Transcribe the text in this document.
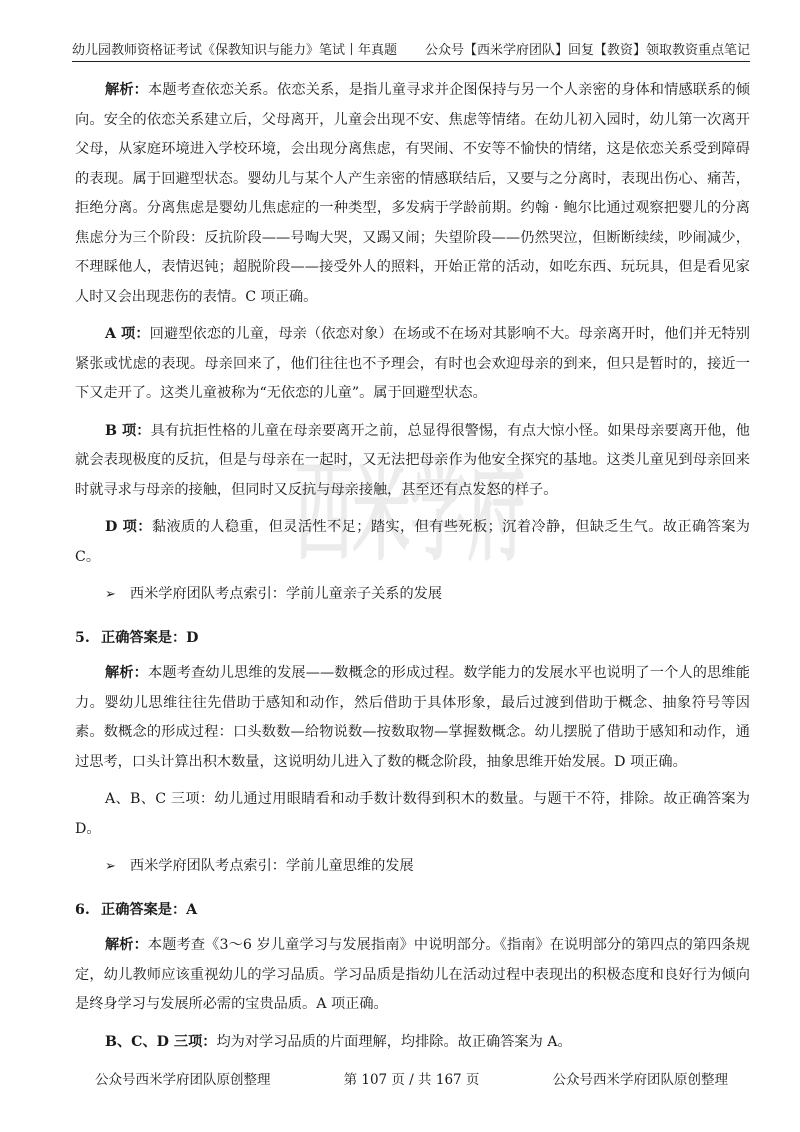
幼儿园教师资格证考试《保教知识与能力》笔试丨年真题 公众号【西米学府团队】回复【教资】领取教资重点笔记
西米学府

解析：本题考查依恋关系。依恋关系，是指儿童寻求并企图保持与另一个人亲密的身体和情感联系的倾向。安全的依恋关系建立后，父母离开，儿童会出现不安、焦虑等情绪。在幼儿初入园时，幼儿第一次离开父母，从家庭环境进入学校环境，会出现分离焦虑，有哭闹、不安等不愉快的情绪，这是依恋关系受到障碍的表现。属于回避型状态。婴幼儿与某个人产生亲密的情感联结后，又要与之分离时，表现出伤心、痛苦，拒绝分离。分离焦虑是婴幼儿焦虑症的一种类型，多发病于学龄前期。约翰 · 鲍尔比通过观察把婴儿的分离焦虑分为三个阶段：反抗阶段——号啕大哭，又踢又闹；失望阶段——仍然哭泣，但断断续续，吵闹减少，不理睬他人，表情迟钝；超脱阶段——接受外人的照料，开始正常的活动，如吃东西、玩玩具，但是看见家人时又会出现悲伤的表情。C 项正确。

A 项：回避型依恋的儿童，母亲（依恋对象）在场或不在场对其影响不大。母亲离开时，他们并无特别紧张或忧虑的表现。母亲回来了，他们往往也不予理会，有时也会欢迎母亲的到来，但只是暂时的，接近一下又走开了。这类儿童被称为“无依恋的儿童”。属于回避型状态。

B 项：具有抗拒性格的儿童在母亲要离开之前，总显得很警惕，有点大惊小怪。如果母亲要离开他，他就会表现极度的反抗，但是与母亲在一起时，又无法把母亲作为他安全探究的基地。这类儿童见到母亲回来时就寻求与母亲的接触，但同时又反抗与母亲接触，甚至还有点发怒的样子。

D 项：黏液质的人稳重，但灵活性不足；踏实，但有些死板；沉着冷静，但缺乏生气。故正确答案为 C。

➢ 西米学府团队考点索引：学前儿童亲子关系的发展
5. 正确答案是：D

解析：本题考查幼儿思维的发展——数概念的形成过程。数学能力的发展水平也说明了一个人的思维能力。婴幼儿思维往往先借助于感知和动作，然后借助于具体形象，最后过渡到借助于概念、抽象符号等因素。数概念的形成过程：口头数数—给物说数—按数取物—掌握数概念。幼儿摆脱了借助于感知和动作，通过思考，口头计算出积木数量，这说明幼儿进入了数的概念阶段，抽象思维开始发展。D 项正确。

A、B、C 三项：幼儿通过用眼睛看和动手数计数得到积木的数量。与题干不符，排除。故正确答案为 D。

➢ 西米学府团队考点索引：学前儿童思维的发展
6. 正确答案是：A

解析：本题考查《3～6 岁儿童学习与发展指南》中说明部分。《指南》在说明部分的第四点的第四条规定，幼儿教师应该重视幼儿的学习品质。学习品质是指幼儿在活动过程中表现出的积极态度和良好行为倾向是终身学习与发展所必需的宝贵品质。A 项正确。

B、C、D 三项：均为对学习品质的片面理解，均排除。故正确答案为 A。

公众号西米学府团队原创整理	第 107 页 / 共 167 页	公众号西米学府团队原创整理
